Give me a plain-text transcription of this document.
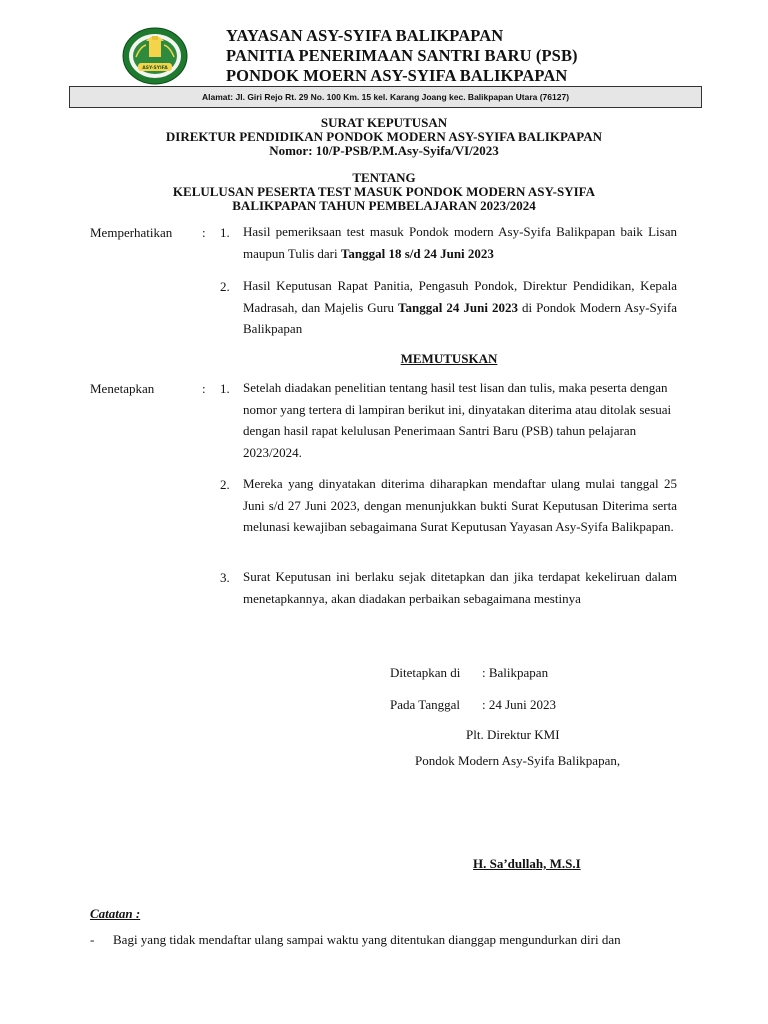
ASY-SYIFA
YAYASAN ASY-SYIFA BALIKPAPAN
PANITIA PENERIMAAN SANTRI BARU (PSB)
PONDOK MOERN ASY-SYIFA BALIKPAPAN
Alamat: Jl. Giri Rejo Rt. 29 No. 100 Km. 15 kel. Karang Joang kec. Balikpapan Utara (76127)
SURAT KEPUTUSAN
DIREKTUR PENDIDIKAN PONDOK MODERN ASY-SYIFA BALIKPAPAN
Nomor: 10/P-PSB/P.M.Asy-Syifa/VI/2023
TENTANG
KELULUSAN PESERTA TEST MASUK PONDOK MODERN ASY-SYIFA
BALIKPAPAN TAHUN PEMBELAJARAN 2023/2024
Memperhatikan : 1. Hasil pemeriksaan test masuk Pondok modern Asy-Syifa Balikpapan baik Lisan maupun Tulis dari Tanggal 18 s/d 24 Juni 2023
2. Hasil Keputusan Rapat Panitia, Pengasuh Pondok, Direktur Pendidikan, Kepala Madrasah, dan Majelis Guru Tanggal 24 Juni 2023 di Pondok Modern Asy-Syifa Balikpapan
MEMUTUSKAN
Menetapkan	: 1. Setelah diadakan penelitian tentang hasil test lisan dan tulis, maka peserta dengan nomor yang tertera di lampiran berikut ini, dinyatakan diterima atau ditolak sesuai dengan hasil rapat kelulusan Penerimaan Santri Baru (PSB) tahun pelajaran 2023/2024.
2. Mereka yang dinyatakan diterima diharapkan mendaftar ulang mulai tanggal 25 Juni s/d 27 Juni 2023, dengan menunjukkan bukti Surat Keputusan Diterima serta melunasi kewajiban sebagaimana Surat Keputusan Yayasan Asy-Syifa Balikpapan.
3. Surat Keputusan ini berlaku sejak ditetapkan dan jika terdapat kekeliruan dalam menetapkannya, akan diadakan perbaikan sebagaimana mestinya
Ditetapkan di : Balikpapan
Pada Tanggal : 24 Juni 2023
Plt. Direktur KMI
Pondok Modern Asy-Syifa Balikpapan,
H. Sa’dullah, M.S.I
Catatan :
- Bagi yang tidak mendaftar ulang sampai waktu yang ditentukan dianggap mengundurkan diri dan
